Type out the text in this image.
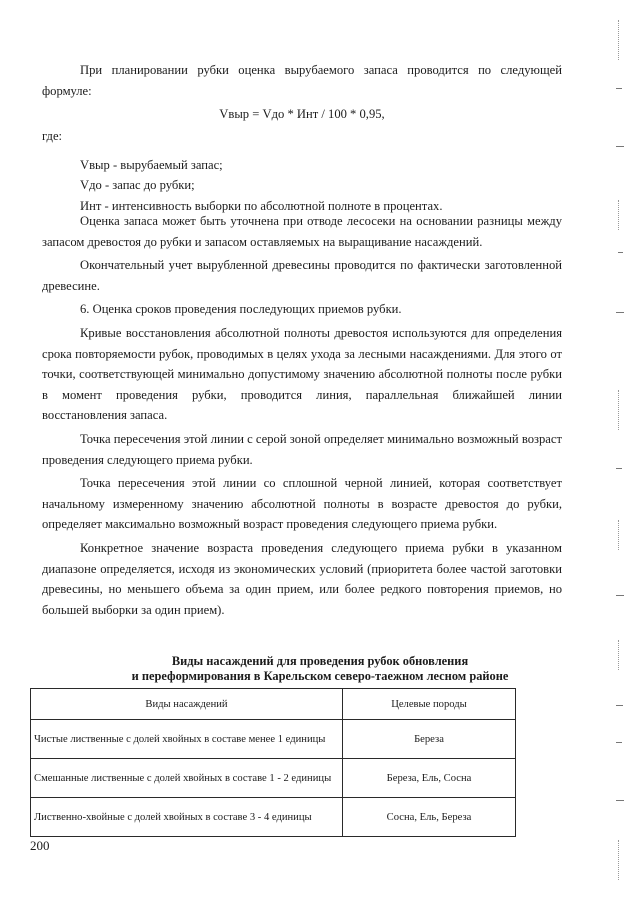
При планировании рубки оценка вырубаемого запаса проводится по следующей формуле:

Vвыр = Vдо * Инт / 100 * 0,95,

где:

Vвыр - вырубаемый запас;

Vдо - запас до рубки;

Инт - интенсивность выборки по абсолютной полноте в процентах.

Оценка запаса может быть уточнена при отводе лесосеки на основании разницы между запасом древостоя до рубки и запасом оставляемых на выращивание насаждений.

Окончательный учет вырубленной древесины проводится по фактически заготовленной древесине.

6. Оценка сроков проведения последующих приемов рубки.

Кривые восстановления абсолютной полноты древостоя используются для определения срока повторяемости рубок, проводимых в целях ухода за лесными насаждениями. Для этого от точки, соответствующей минимально допустимому значению абсолютной полноты после рубки в момент проведения рубки, проводится линия, параллельная ближайшей линии восстановления запаса.

Точка пересечения этой линии с серой зоной определяет минимально возможный возраст проведения следующего приема рубки.

Точка пересечения этой линии со сплошной черной линией, которая соответствует начальному измеренному значению абсолютной полноты в возрасте древостоя до рубки, определяет максимально возможный возраст проведения следующего приема рубки.

Конкретное значение возраста проведения следующего приема рубки в указанном диапазоне определяется, исходя из экономических условий (приоритета более частой заготовки древесины, но меньшего объема за один прием, или более редкого повторения приемов, но большей выборки за один прием).

Виды насаждений для проведения рубок обновления
и переформирования в Карельском северо-таежном лесном районе
Виды насаждений	Целевые породы
Чистые лиственные с долей хвойных в составе менее 1 единицы	Береза
Смешанные лиственные с долей хвойных в составе 1 - 2 единицы	Береза, Ель, Сосна
Лиственно-хвойные с долей хвойных в составе 3 - 4 единицы	Сосна, Ель, Береза
200
